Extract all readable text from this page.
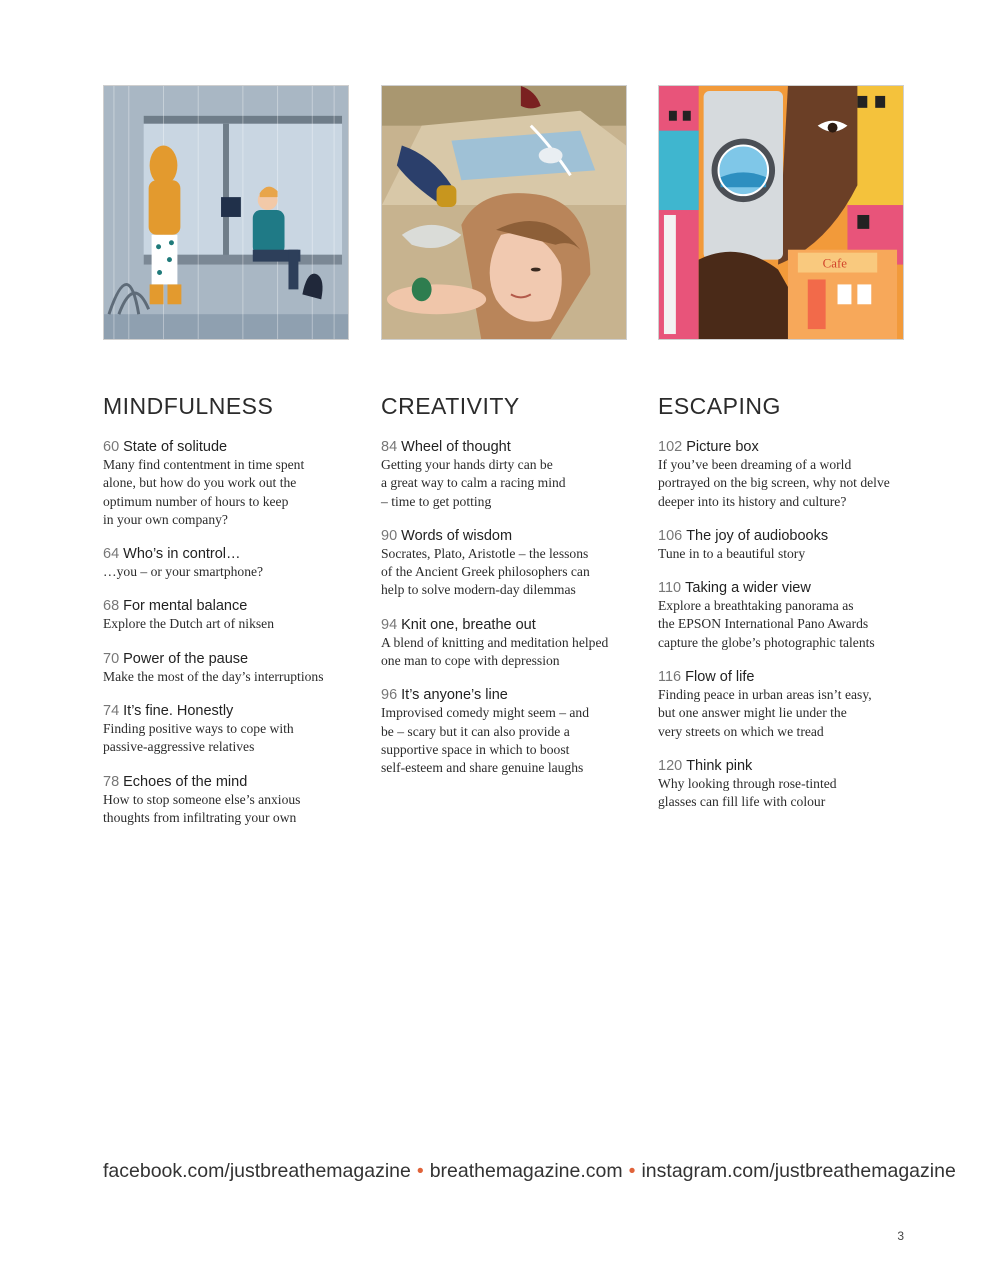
MINDFULNESS
60 State of solitude
Many find contentment in time spent
alone, but how do you work out the
optimum number of hours to keep
in your own company?
64 Who’s in control…
…you – or your smartphone?
68 For mental balance
Explore the Dutch art of niksen
70 Power of the pause
Make the most of the day’s interruptions
74 It’s fine. Honestly
Finding positive ways to cope with
passive-aggressive relatives
78 Echoes of the mind
How to stop someone else’s anxious
thoughts from infiltrating your own
CREATIVITY
84 Wheel of thought
Getting your hands dirty can be
a great way to calm a racing mind
– time to get potting
90 Words of wisdom
Socrates, Plato, Aristotle – the lessons
of the Ancient Greek philosophers can
help to solve modern-day dilemmas
94 Knit one, breathe out
A blend of knitting and meditation helped
one man to cope with depression
96 It’s anyone’s line
Improvised comedy might seem – and
be – scary but it can also provide a
supportive space in which to boost
self-esteem and share genuine laughs
Cafe
ESCAPING
102 Picture box
If you’ve been dreaming of a world
portrayed on the big screen, why not delve
deeper into its history and culture?
106 The joy of audiobooks
Tune in to a beautiful story
110 Taking a wider view
Explore a breathtaking panorama as
the EPSON International Pano Awards
capture the globe’s photographic talents
116 Flow of life
Finding peace in urban areas isn’t easy,
but one answer might lie under the
very streets on which we tread
120 Think pink
Why looking through rose-tinted
glasses can fill life with colour
facebook.com/justbreathemagazine • breathemagazine.com • instagram.com/justbreathemagazine
3
